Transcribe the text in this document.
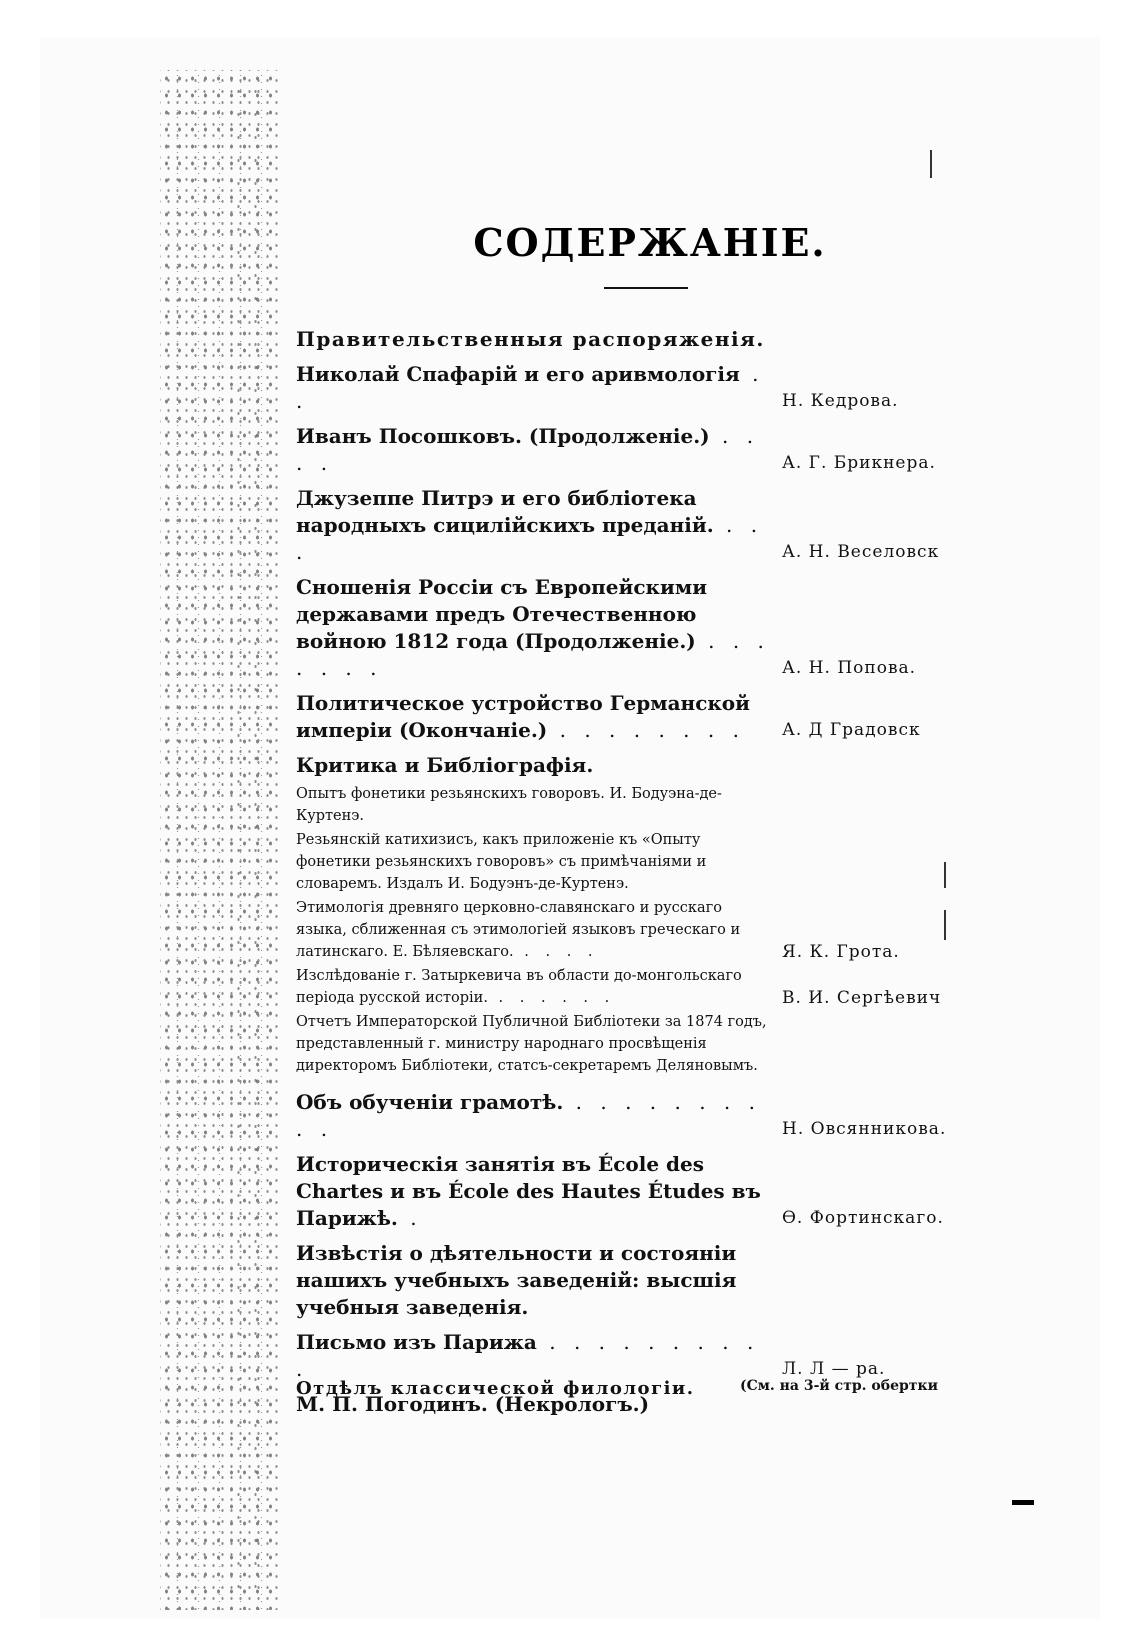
СОДЕРЖАНІЕ.
Правительственныя распоряженія.
Николай Спафарій и его аривмологія . .	Н. Кедрова.
Иванъ Посошковъ. (Продолженіе.) . . . .	А. Г. Брикнера.
Джузеппе Питрэ и его библіотека народныхъ сицилійскихъ преданій. . . .	А. Н. Веселовск
Сношенія Россіи съ Европейскими державами предъ Отечественною войною 1812 года (Продолженіе.) . . . . . . .	А. Н. Попова.
Политическое устройство Германской имперіи (Окончаніе.) . . . . . . . .	А. Д Градовск
Критика и Библіографія.
Опытъ фонетики резьянскихъ говоровъ. И. Бодуэна-де-Куртенэ.
Резьянскій катихизисъ, какъ приложеніе къ «Опыту фонетики резьянскихъ говоровъ» съ примѣчаніями и словаремъ. Издалъ И. Бодуэнъ-де-Куртенэ.
Этимологія древняго церковно-славянскаго и русскаго языка, сближенная съ этимологіей языковъ греческаго и латинскаго. Е. Бѣляевскаго. . . . .	Я. К. Грота.
Изслѣдованіе г. Затыркевича въ области до-монгольскаго періода русской исторіи. . . . . . .	В. И. Сергѣевич
Отчетъ Императорской Публичной Библіотеки за 1874 годъ, представленный г. министру народнаго просвѣщенія директоромъ Библіотеки, статсъ-секретаремъ Деляновымъ.
Объ обученіи грамотѣ. . . . . . . . . . .	Н. Овсянникова.
Историческія занятія въ École des Chartes и въ École des Hautes Études въ Парижѣ. .	Ѳ. Фортинскаго.
Извѣстія о дѣятельности и состояніи нашихъ учебныхъ заведеній: высшія учебныя заведенія.
Письмо изъ Парижа . . . . . . . . . .	Л. Л — ра.
М. П. Погодинъ. (Некрологъ.)
Отдѣлъ классической филологіи.	(См. на 3-й стр. обертки
